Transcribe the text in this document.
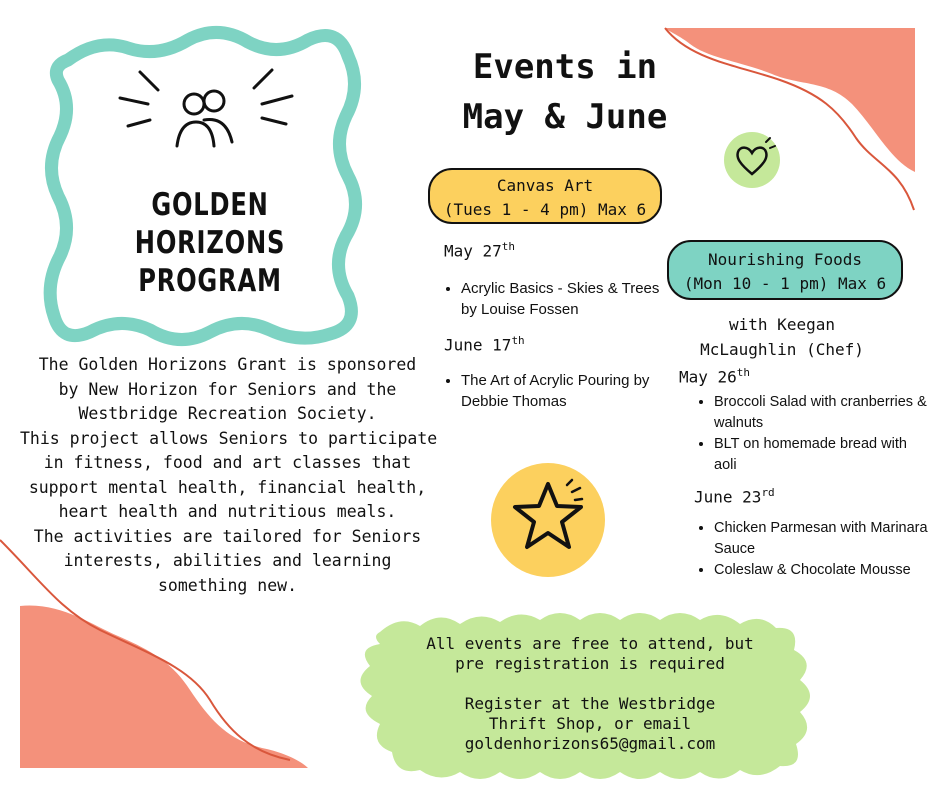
GOLDEN
HORIZONS
PROGRAM
The Golden Horizons Grant is sponsored
by New Horizon for Seniors and the
Westbridge Recreation Society.
This project allows Seniors to participate
in fitness, food and art classes that
support mental health, financial health,
heart health and nutritious meals.
The activities are tailored for Seniors
interests, abilities and learning
something new.
Events in
May & June
Canvas Art
(Tues 1 - 4 pm) Max 6
May 27th
• Acrylic Basics - Skies & Trees by Louise Fossen
June 17th
• The Art of Acrylic Pouring by Debbie Thomas
Nourishing Foods
(Mon 10 - 1 pm) Max 6
with Keegan
McLaughlin (Chef)
May 26th
• Broccoli Salad with cranberries & walnuts
• BLT on homemade bread with aoli
June 23rd
• Chicken Parmesan with Marinara Sauce
• Coleslaw & Chocolate Mousse
All events are free to attend, but
pre registration is required
Register at the Westbridge
Thrift Shop, or email
goldenhorizons65@gmail.com
